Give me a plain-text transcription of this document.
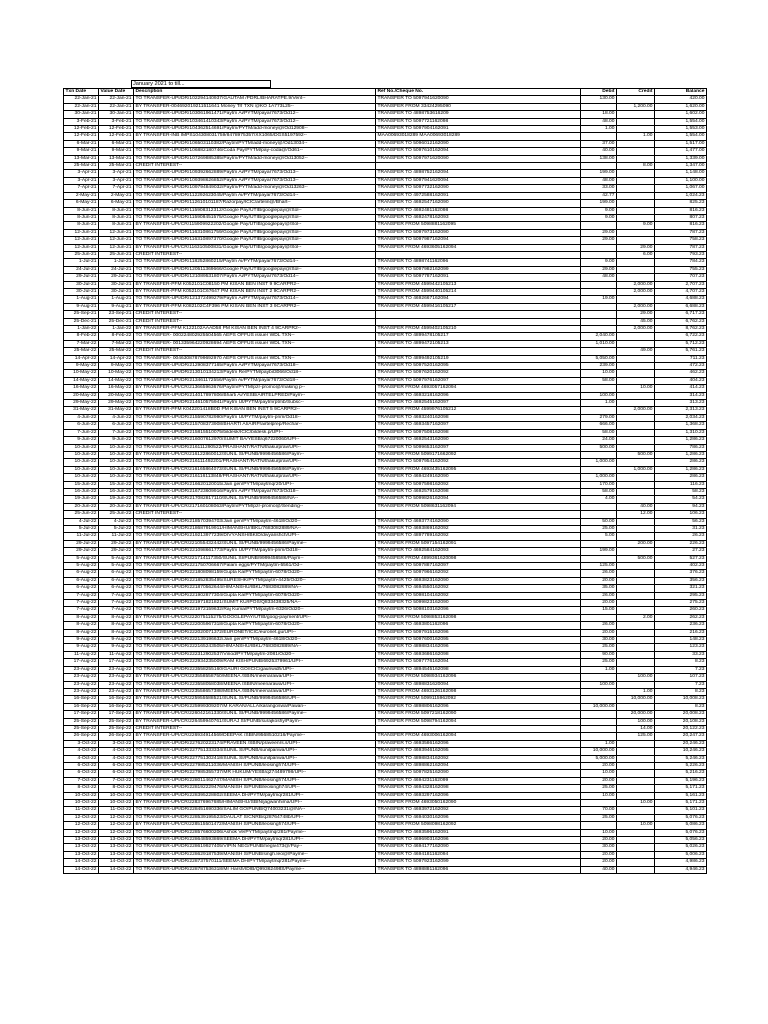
January 2021 to till...
Txn Date	Value Date	Description	Ref No./Cheque No.	Debit	Credit	Balance
22-Jan-21	22-Jan-21	TO TRANSFER-UPI/DR/102294140937/GAUTAM /PDRL/BHARATPE.9/Vent--	TRANSFER TO 5097941620090	130.00		420.00
22-Jan-21	22-Jan-21	BY TRANSFER-004692019211511641 Money Trf TXN @KO 1A773L25--	TRANSFER FROM 33424295090		1,200.00	1,620.00
30-Jan-21	30-Jan-21	TO TRANSFER-UPI/DR/103061961471/Paytm Ai/PYTM/payar7673/Od12--	TRANSFER TO 4898753616209	18.00		1,602.00
3-Feb-21	3-Feb-21	TO TRANSFER-UPI/DR/103461410343/Paytm Ai/PYTM/payar7673/Od12--	TRANSFER TO 5097721162098	48.00		1,554.00
12-Feb-21	12-Feb-21	TO TRANSFER-UPI/DR/104362514691/Paytm/PYTM/add-money@/Od12908--	TRANSFER TO 5097904162091	1.00		1,553.00
12-Feb-21	12-Feb-21	BY TRANSFER-INB IMPS104308031759/8478975357/XX1065/DGS5197592--	MAA00693018289 MAA00693018289		1.00	1,554.00
6-Mar-21	6-Mar-21	TO TRANSFER-UPI/DR/106503110382/Paytm/PYTM/add-money@/Od13034--	TRANSFER TO 5096012162090	37.00		1,517.00
9-Mar-21	9-Mar-21	TO TRANSFER-UPI/DR/106882180746/Coda Pay/PYTM/pay-coda@/Od61--	TRANSFER TO 5097610162094	40.00		1,477.00
13-Mar-21	13-Mar-21	TO TRANSFER-UPI/DR/107269885385/Paytm/PYTM/add-money@/Od13052--	TRANSFER TO 5097971620090	138.00		1,339.00
25-Mar-21	25-Mar-21	CREDIT INTEREST--			8.00	1,347.00
3-Apr-21	3-Apr-21	TO TRANSFER-UPI/DR/109392662889/Paytm Ai/PYTM/payar7673/Od13--	TRANSFER TO 4898752162094	199.00		1,148.00
3-Apr-21	3-Apr-21	TO TRANSFER-UPI/DR/109398626852/Paytm Ai/PYTM/payar7673/Od13--	TRANSFER TO 5097941620094	48.00		1,100.00
7-Apr-21	7-Apr-21	TO TRANSFER-UPI/DR/109794849032/Paytm/PYTM/add-money@/Od13263--	TRANSFER TO 5097732162090	33.00		1,067.00
2-May-21	2-May-21	TO TRANSFER-UPI/DR/112292623045/Paytm Ai/PYTM/payar7673/Od14--	TRANSFER TO 4972588162091	42.77		1,024.23
6-May-21	6-May-21	TO TRANSFER-UPI/DR/112610101187/Razorpay/ICIC/artelin@/Bhart--	TRANSFER TO 4692547162090	199.00		825.23
8-Jun-21	8-Jun-21	TO TRANSFER-UPI/DR/115908312312/Google Pay/UTIB/googlepay@/Sol--	TRANSFER TO 4692481162098	9.00		816.23
8-Jun-21	8-Jun-21	TO TRANSFER-UPI/DR/115908451575/Google Pay/UTIB/googlepay@/Sol--	TRANSFER TO 4692478162093	9.00		807.23
8-Jun-21	8-Jun-21	BY TRANSFER-UPI/CR/115909922202/Google Pay/UTIB/googlepay@/Sol--	TRANSFER FROM 5098881162095		9.00	816.23
12-Jun-21	12-Jun-21	TO TRANSFER-UPI/DR/116310861759/Google Pay/UTIB/googlepay@/Sol--	TRANSFER TO 5097973162090	29.00		787.23
12-Jun-21	12-Jun-21	TO TRANSFER-UPI/DR/116310897370/Google Pay/UTIB/googlepay@/Sol--	TRANSFER TO 5097987162094	29.00		758.23
12-Jun-21	12-Jun-21	BY TRANSFER-UPI/CR/116310500831/Google Pay/UTIB/googlepay@/Sol--	TRANSFER FROM 4693605162094		29.00	787.23
25-Jun-21	25-Jun-21	CREDIT INTEREST--			6.00	793.23
1-Jul-21	1-Jul-21	TO TRANSFER-UPI/DR/118252860215/Paytm Ai/PYTM/payar7673/Od14--	TRANSFER TO 4898741162096	9.00		784.23
24-Jul-21	24-Jul-21	TO TRANSFER-UPI/DR/120511369666/Google Pay/UTIB/googlepay@/Sol--	TRANSFER TO 5097982162099	29.00		755.23
29-Jul-21	29-Jul-21	TO TRANSFER-UPI/DR/121089531807/Paytm Ai/PYTM/payar7673/Od14--	TRANSFER TO 5097787162091	48.00		707.23
30-Jul-21	30-Jul-21	BY TRANSFER-PFM K052101C08150 PM KISAN BEN INST 9 9CARPR2--	TRANSFER FROM 4599442105213		2,000.00	2,707.23
30-Jul-21	30-Jul-21	BY TRANSFER-PFM K052101C67647 PM KISAN BEN INST 2 9CARPR2--	TRANSFER FROM 4599440105214		2,000.00	4,707.23
1-Aug-21	1-Aug-21	TO TRANSFER-UPI/DR/121372499279/Paytm Ai/PYTM/payar7673/Od14--	TRANSFER TO 4692667162094	19.00		4,688.23
9-Aug-21	9-Aug-21	BY TRANSFER-PFM K082102C4F396 PM KISAN BEN INST 3 9CARPR2--	TRANSFER FROM 4599416105217		2,000.00	6,688.23
25-Sep-21	23-Sep-21	CREDIT INTEREST--			29.00	6,717.23
25-Dec-21	25-Dec-21	CREDIT INTEREST--			45.00	6,762.23
1-Jan-22	1-Jan-22	BY TRANSFER-PFM K122102AAAD58 PM KISAN BEN INST 4 9CARPR2--	TRANSFER FROM 4599402105210		2,000.00	8,762.23
8-Feb-22	8-Feb-22	TO TRANSFER- 000224802925504565 AEPS OFFUS issuer WDL TXN--	TRANSFER TO 4899478105217	2,040.00		6,722.23
7-Mar-22	7-Mar-22	TO TRANSFER- 001335964220928694 AEPS OFFUS issuer WDL TXN--	TRANSFER TO 4899472105213	1,010.00		5,712.23
25-Mar-22	25-Mar-22	CREDIT INTEREST--			49.00	5,761.23
14-Apr-22	14-Apr-22	TO TRANSFER- 004630878799692970 AEPS OFFUS issuer WDL TXN--	TRANSFER TO 4899492105219	5,050.00		711.23
9-May-22	9-May-22	TO TRANSFER-UPI/DR/212908377165/Paytm Ai/PYTM/payar7673/Od18--	TRANSFER TO 5097520162095	239.00		472.23
10-May-22	10-May-22	TO TRANSFER-UPI/DR/213010134213/Paytm Re/PYTM/paybil3066/Od18--	TRANSFER TO 5097620162092	10.00		462.23
14-May-22	14-May-22	TO TRANSFER-UPI/DR/213461172556/Paytm Ai/PYTM/payar7673/Od18--	TRANSFER TO 5097976162097	58.00		404.23
16-May-22	16-May-22	BY TRANSFER-UPI/CR/213665963676/Paytm/PYTM/pzr-promo@/making p--	TRANSFER FROM 4693057162094		10.00	414.23
20-May-22	20-May-22	TO TRANSFER-UPI/DR/214017897806/Bharti Ai/YESB/AIRTELPRED/Paym--	TRANSFER TO 4693218162096	100.00		314.23
29-May-22	29-May-22	TO TRANSFER-UPI/DR/214610575941/Paytm Ut/PYTM/paytmrptmb/Subsc--	TRANSFER TO 4692545162097	1.00		313.23
31-May-22	31-May-22	BY TRANSFER-PFM K042201418B0D PM KISAN BEN INST 5 9CARPR2--	TRANSFER FROM 4599976105212		2,000.00	2,313.23
4-Jun-22	4-Jun-22	TO TRANSFER-UPI/DR/215590782990/Paytm Ut/PYTM/paytm-pnm/Od18--	TRANSFER TO 4693240162098	279.00		2,034.23
6-Jun-22	6-Jun-22	TO TRANSFER-UPI/DR/215708373908/BHARTI AI/AIRP/airtelprep/Rechar--	TRANSFER TO 4693457162097	666.00		1,368.23
7-Jun-22	7-Jun-22	TO TRANSFER-UPI/DR/215815510075/bildesk/ICIC/bildesk.p/UPI--	TRANSFER TO 5097508162098	58.00		1,310.23
9-Jun-22	9-Jun-22	TO TRANSFER-UPI/DR/216007612970/SUMIT BA/YESB/q67220060/UPI--	TRANSFER TO 4692543162090	24.00		1,286.23
10-Jun-22	10-Jun-22	TO TRANSFER-UPI/DR/216111290522/PRASHANT/RATN/thakurprav/UPI--	TRANSFER TO 5099653162097	500.00		786.23
10-Jun-22	10-Jun-22	BY TRANSFER-UPI/CR/216122860012/SUNIL SI/PUNB/9999456586/Paym--	TRANSFER FROM 5099171662092		500.00	1,286.23
10-Jun-22	10-Jun-22	TO TRANSFER-UPI/DR/216111492201/PRASHANT/RATN/thakurprav/UPI--	TRANSFER TO 5097954162092	1,000.00		286.23
10-Jun-22	10-Jun-22	BY TRANSFER-UPI/CR/216165864073/SUNIL SI/PUNB/9999456586/Paym--	TRANSFER FROM 4693435162095		1,000.00	1,286.23
10-Jun-22	10-Jun-22	TO TRANSFER-UPI/DR/216116113848/PRASHANT/RATN/thakurprav/UPI--	TRANSFER TO 4694249162090	1,000.00		286.23
15-Jun-22	15-Jun-22	TO TRANSFER-UPI/DR/216620120015/Jain gen/PYTM/paytmqr20/UPI--	TRANSFER TO 5097598162092	170.00		116.23
16-Jun-22	16-Jun-22	TO TRANSFER-UPI/DR/216723609916/Paytm Ai/PYTM/payar7673/Od18--	TRANSFER TO 4692579162098	58.00		58.23
19-Jun-22	19-Jun-22	TO TRANSFER-UPI/DR/217082817110/SUNIL SI/PUNB/9999456586/NA--	TRANSFER TO 5099826162094	4.00		54.23
20-Jun-22	20-Jun-22	BY TRANSFER-UPI/CR/217160108063/Paytm/PYTM/pzr-promo@/Sending--	TRANSFER FROM 5098631162094		40.00	94.23
25-Jun-22	25-Jun-22	CREDIT INTEREST--			12.00	106.23
4-Jul-22	4-Jul-22	TO TRANSFER-UPI/DR/218570394703/Jain gen/PYTM/paytm-4618/Od20--	TRANSFER TO 4693774162090	50.00		56.23
5-Jul-22	5-Jul-22	TO TRANSFER-UPI/DR/218687919911/HIMANSHU/IBKL/7683082889/NA--	TRANSFER TO 4693869162092	25.00		31.23
11-Jul-22	11-Jul-22	TO TRANSFER-UPI/DR/219213977239/DIVYANSH/BKID/divyanshch/UPI--	TRANSFER TO 4897789162092	5.00		26.23
29-Jul-22	29-Jul-22	BY TRANSFER-UPI/CR/221055432442/SUNIL SI/PUNB/9999456586/Payme--	TRANSFER FROM 5097154162091		200.00	226.23
29-Jul-22	29-Jul-22	TO TRANSFER-UPI/DR/221098661773/Paytm Ut/PYTM/paytm-pnm/Od18--	TRANSFER TO 4692584162093	199.00		27.23
5-Aug-22	5-Aug-22	BY TRANSFER-UPI/CR/221714117350/SUNIL SI/PUNB/9999456586/Paym--	TRANSFER FROM 4899361620098		500.00	527.23
5-Aug-22	5-Aug-22	TO TRANSFER-UPI/DR/221750706667/Palam eggs/PYTM/paytm-5561/Od--	TRANSFER TO 5097887162097	125.00		402.23
6-Aug-22	6-Aug-22	TO TRANSFER-UPI/DR/221808098159/Gupta Ka/PYTM/paytm-6078/Od20--	TRANSFER TO 5097966162092	26.00		376.23
6-Aug-22	6-Aug-22	TO TRANSFER-UPI/DR/221852835495/SURESHK/PYTM/paytm-4425/Od20--	TRANSFER TO 4693823162090	20.00		356.23
6-Aug-22	6-Aug-22	TO TRANSFER-UPI/DR/221870562644/HIMANSHU/IBKL/7683082889/NA--	TRANSFER TO 4694550162092	35.00		321.23
7-Aug-22	7-Aug-22	TO TRANSFER-UPI/DR/221902877304/Gupta Ka/PYTM/paytm-6078/Od20--	TRANSFER TO 5098104162092	26.00		295.23
7-Aug-22	7-Aug-22	TO TRANSFER-UPI/DR/221971821821/SUMIT KU/IPOS/Q833438325/NA--	TRANSFER TO 5099823162090	20.00		275.23
7-Aug-22	7-Aug-22	TO TRANSFER-UPI/DR/221972159632/Raj Kuma/PYTM/paytm-6326/Od20--	TRANSFER TO 5098103162096	15.00		260.23
8-Aug-22	8-Aug-22	BY TRANSFER-UPI/CR/222075115275/GOOGLEPAY/UTIB/goog-payment/UPI--	TRANSFER FROM 5098853162098		2.00	262.23
8-Aug-22	8-Aug-22	TO TRANSFER-UPI/DR/222005967318/Gupta Ka/PYTM/paytm-6078/Od20--	TRANSFER TO 4693801162096	26.00		236.23
8-Aug-22	8-Aug-22	TO TRANSFER-UPI/DR/222020071372/EURONET/ICIC/euronet.gu/UPI--	TRANSFER TO 5097915162096	20.00		216.23
9-Aug-22	9-Aug-22	TO TRANSFER-UPI/DR/222139196632/Jain gen/PYTM/paytm-4618/Od20--	TRANSFER TO 5097600162095	30.00		148.23
9-Aug-22	9-Aug-22	TO TRANSFER-UPI/DR/222165243505/HIMANSHU/IBKL/7683082889/NA--	TRANSFER TO 4898834162096	25.00		123.23
11-Aug-22	11-Aug-22	TO TRANSFER-UPI/DR/222312902537/Vinod/PYTM/paytm-2081/Od20--	TRANSFER TO 4693686162098	90.00		33.23
17-Aug-22	17-Aug-22	TO TRANSFER-UPI/DR/222934235009/RAM KISH/PUNB/6925379961/UPI--	TRANSFER TO 5097776162094	25.00		8.23
23-Aug-22	23-Aug-22	TO TRANSFER-UPI/DR/223558255160/GAURI GO/ICIC/gauriwidh/UPI--	TRANSFER TO 4894545162098	1.00		7.23
23-Aug-22	23-Aug-22	BY TRANSFER-UPI/CR/223558558750/MEENA /SBIN/meenarawa/UPI--	TRANSFER FROM 5098934162096		100.00	107.23
23-Aug-22	23-Aug-22	TO TRANSFER-UPI/DR/223558058038/MEENA /SBIN/meenarawa/UPI--	TRANSFER TO 4898831620094	100.00		7.23
23-Aug-22	23-Aug-22	BY TRANSFER-UPI/CR/223558657388/MEENA /SBIN/meenarawa/UPI--	TRANSFER FROM 4693126162098		1.00	8.23
16-Sep-22	16-Sep-22	BY TRANSFER-UPI/CR/225955588521/SUNIL SI/PUNB/9999456586/UPI--	TRANSFER FROM 5099115962092		10,000.00	10,008.23
16-Sep-22	16-Sep-22	TO TRANSFER-UPI/DR/225999309207/M KARAN/ALLA/karangoswa/Pawan--	TRANSFER TO 4898806162096	10,000.00		8.23
17-Sep-22	17-Sep-22	BY TRANSFER-UPI/CR/226042161330/SUNIL SI/PUNB/9999456586/Payme--	TRANSFER FROM 5097218162090		20,000.00	20,008.23
25-Sep-22	25-Sep-22	BY TRANSFER-UPI/CR/226459940761/SURAJ SI/PUNB/surajkoshy/Paym--	TRANSFER FROM 5098794162094		100.00	20,108.23
25-Sep-22	25-Sep-22	CREDIT INTEREST--			14.00	20,122.23
26-Sep-22	26-Sep-22	BY TRANSFER-UPI/CR/226934914569/DEEPAK /SBIN/9568510216/Payme--	TRANSFER FROM 4693006162094		125.00	20,247.23
3-Oct-22	3-Oct-22	TO TRANSFER-UPI/DR/227620223174/PRAVEEN /SBIN/praveenrs.s/UPI--	TRANSFER TO 4693586162096	1.00		20,246.23
4-Oct-22	4-Oct-22	TO TRANSFER-UPI/DR/227751333334/SUNIL SI/PUNB/sunilpanwa/UPI--	TRANSFER TO 4693946162095	10,000.00		10,246.23
4-Oct-22	4-Oct-22	TO TRANSFER-UPI/DR/227751302418/SUNIL SI/PUNB/sunilpanwa/UPI--	TRANSFER TO 4898834162092	5,000.00		5,246.23
6-Oct-22	6-Oct-22	TO TRANSFER-UPI/DR/227985211036/MANISH S/PUNB/leosingh74/UPI--	TRANSFER TO 4898862162094	20.00		5,226.23
6-Oct-22	6-Oct-22	TO TRANSFER-UPI/DR/227985355737/MR HUKUM/YESB/q274489798/UPI--	TRANSFER TO 5097825162090	10.00		5,216.23
7-Oct-22	7-Oct-22	TO TRANSFER-UPI/DR/228011462747/MANISH S/PUNB/leosingh74/UPI--	TRANSFER TO 4694231162099	20.00		5,196.23
8-Oct-22	8-Oct-22	TO TRANSFER-UPI/DR/228192229476/MANISH S/PUNB/leosingh74/UPI--	TRANSFER TO 4694328162098	25.00		5,171.23
10-Oct-22	10-Oct-22	TO TRANSFER-UPI/DR/228395228802/SEEMA DH/PYTM/paytmqr281/UPI--	TRANSFER TO 4693297162096	10.00		5,161.23
10-Oct-22	10-Oct-22	BY TRANSFER-UPI/CR/228376967685/HIMANSHU/SBIN/jagwanhima/UPI--	TRANSFER FROM 4693050162090		10.00	5,171.23
11-Oct-22	11-Oct-22	TO TRANSFER-UPI/DR/228451690336/SALIM GO/PUNB/Q74003231@/NA--	TRANSFER TO 4693972162092	70.00		5,101.23
12-Oct-22	12-Oct-22	TO TRANSFER-UPI/DR/228539195523/DAULAT S/CNRB/q28764748b/UPI--	TRANSFER TO 4694030162096	25.00		5,076.23
12-Oct-22	12-Oct-22	BY TRANSFER-UPI/CR/228515501472/MANISH S/PUNB/leosingh74/UPI--	TRANSFER FROM 5098098162092		10.00	5,086.23
12-Oct-22	12-Oct-22	TO TRANSFER-UPI/DR/228576600206/Ashok Ve/PYTM/paytmqr281/Payme--	TRANSFER TO 4693596162091	10.00		5,076.23
13-Oct-22	13-Oct-22	TO TRANSFER-UPI/DR/228648593869/SEEMA DH/PYTM/paytmqr281/UPI--	TRANSFER TO 4696903162096	20.00		5,056.23
13-Oct-22	13-Oct-22	TO TRANSFER-UPI/DR/228619927405/VIPIN NEG/PUNB/negiv473@/Pay--	TRANSFER TO 4694177162090	30.00		5,026.23
13-Oct-22	13-Oct-22	TO TRANSFER-UPI/DR/228629187539/MANISH S/PUNB/singh.leo@/Payme--	TRANSFER TO 4694181162094	20.00		5,006.23
14-Oct-22	14-Oct-22	TO TRANSFER-UPI/DR/228737570111/SEEMA DH/PYTM/paytmqr281/Payme--	TRANSFER TO 5097923162099	20.00		4,986.23
14-Oct-22	14-Oct-22	TO TRANSFER-UPI/DR/228787536318/Mr Harsh/IDIB/Q99362498S/Payme--	TRANSFER TO 4898881162096	40.00		4,946.23
